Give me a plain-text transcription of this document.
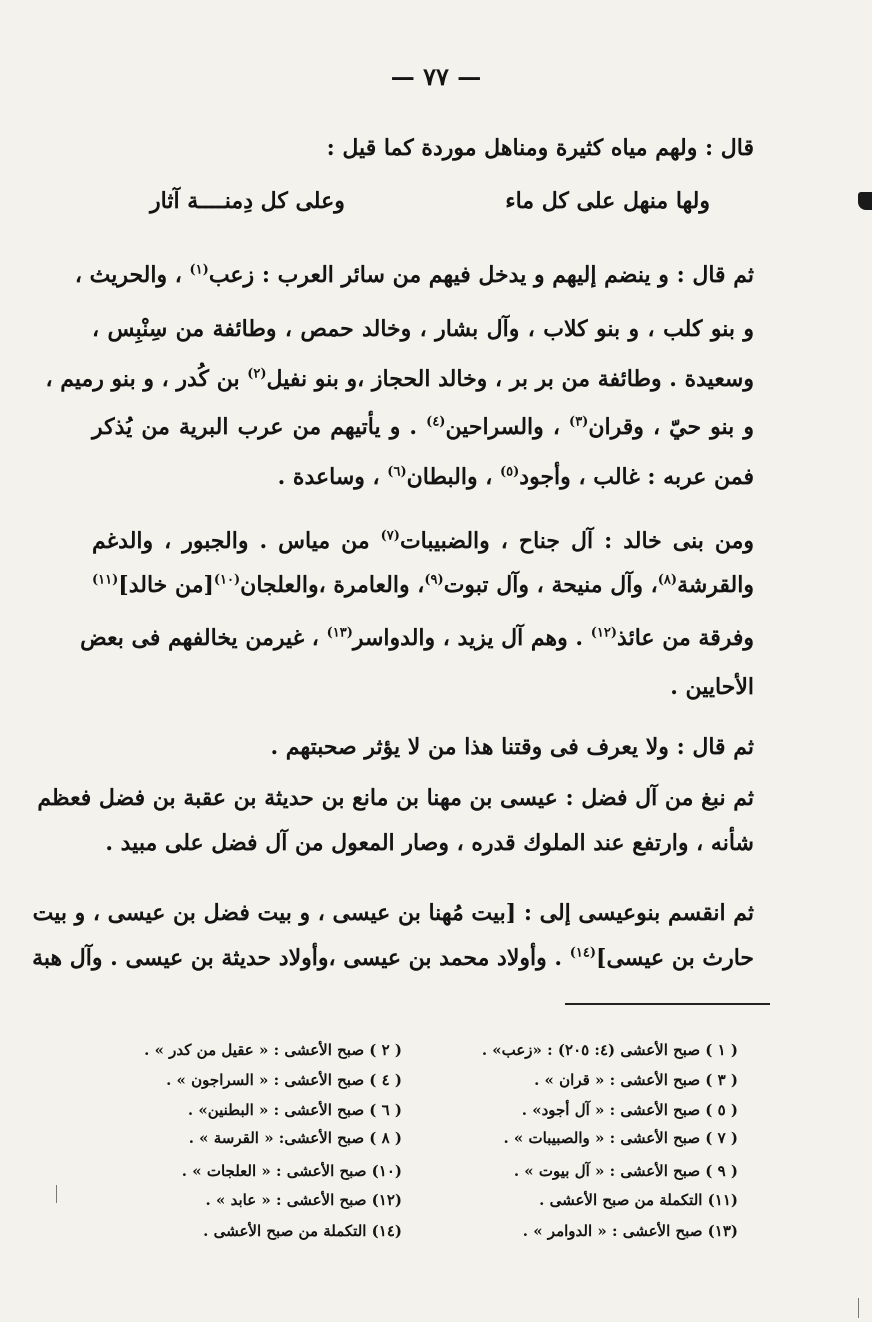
— ٧٧ —
قال : ولهم مياه كثيرة ومناهل موردة كما قيل :
ولها منهل على كل ماء
وعلى كل دِمنــــة آثار
ثم قال : و ينضم إليهم و يدخل فيهم من سائر العرب : زعب$^{(١)}$ ، والحريث ،
و بنو كلب ، و بنو كلاب ، وآل بشار ، وخالد حمص ، وطائفة من سِنْبِس ،
وسعيدة . وطائفة من بر بر ، وخالد الحجاز ،و بنو نفيل$^{(٢)}$ بن كُدر ، و بنو رميم ،
و بنو حيّ ، وقران$^{(٣)}$ ، والسراحين$^{(٤)}$ . و يأتيهم من عرب البرية من يُذكر
فمن عربه : غالب ، وأجود$^{(٥)}$ ، والبطان$^{(٦)}$ ، وساعدة .
ومن بنى خالد : آل جناح ، والضبيبات$^{(٧)}$ من مياس . والجبور ، والدغم
والقرشة$^{(٨)}$، وآل منيحة ، وآل تبوت$^{(٩)}$، والعامرة ،والعلجان$^{(١٠)}$[من خالد]$^{(١١)}$
وفرقة من عائذ$^{(١٢)}$ . وهم آل يزيد ، والدواسر$^{(١٣)}$ ، غيرمن يخالفهم فى بعض
الأحايين .
ثم قال : ولا يعرف فى وقتنا هذا من لا يؤثر صحبتهم .
ثم نبغ من آل فضل : عيسى بن مهنا بن مانع بن حديثة بن عقبة بن فضل فعظم
شأنه ، وارتفع عند الملوك قدره ، وصار المعول من آل فضل على مبيد .
ثم انقسم بنوعيسى إلى : [بيت مُهنا بن عيسى ، و بيت فضل بن عيسى ، و بيت
حارث بن عيسى]$^{(١٤)}$ . وأولاد محمد بن عيسى ،وأولاد حديثة بن عيسى . وآل هبة
( ١ ) صبح الأعشى (٤: ٢٠٥) : «زعب» .
( ٣ ) صبح الأعشى : « قران » .
( ٥ ) صبح الأعشى : « آل أجود» .
( ٧ ) صبح الأعشى : « والصبيبات » .
( ٩ ) صبح الأعشى : « آل بيوت » .
(١١) التكملة من صبح الأعشى .
(١٣) صبح الأعشى : « الدوامر » .
( ٢ ) صبح الأعشى : « عقيل من كدر » .
( ٤ ) صبح الأعشى : « السراجون » .
( ٦ ) صبح الأعشى : « البطنين» .
( ٨ ) صبح الأعشى: « القرسة » .
(١٠) صبح الأعشى : « العلجات » .
(١٢) صبح الأعشى : « عابد » .
(١٤) التكملة من صبح الأعشى .
